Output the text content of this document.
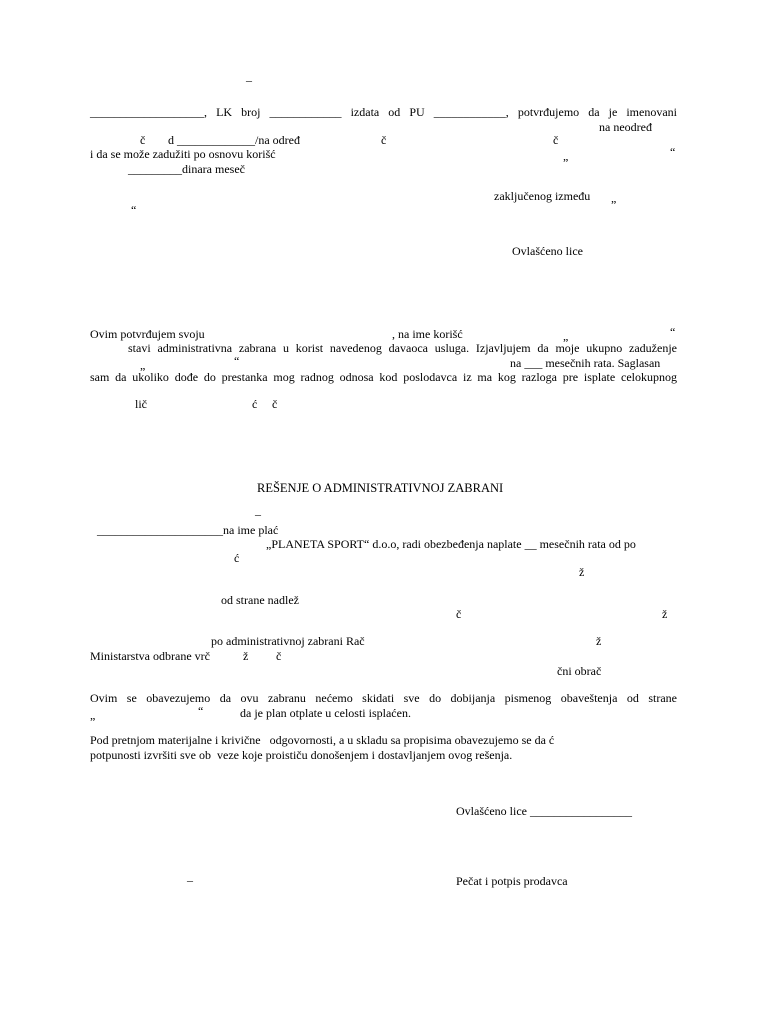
–
___________________, LK broj ____________ izdata od PU ____________, potvrđujemo da je imenovani
na neodređ
č d _____________/na određ	č	č
i da se može zadužiti po osnovu korišć	„	“
_________dinara meseč
zaključenog između „
“
Ovlašćeno lice
Ovim potvrđujem svoju	, na ime korišć	„	“
stavi administrativna zabrana u korist navedenog davaoca usluga. Izjavljujem da moje ukupno zaduženje
„	“	na ___ mesečnih rata. Saglasan
sam da ukoliko dođe do prestanka mog radnog odnosa kod poslodavca iz ma kog razloga pre isplate celokupnog
lič	ć č
REŠENJE O ADMINISTRATIVNOJ ZABRANI
–
_____________________na ime plać
„PLANETA SPORT“ d.o.o, radi obezbeđenja naplate __ mesečnih rata od po
ć
ž
od strane nadlež
č	ž
po administrativnoj zabrani Rač	ž
Ministarstva odbrane vrč	ž č
čni obrač
Ovim se obavezujemo da ovu zabranu nećemo skidati sve do dobijanja pismenog obaveštenja od strane
„	“	da je plan otplate u celosti isplaćen.
Pod pretnjom materijalne i krivične   odgovornosti, a u skladu sa propisima obavezujemo se da ć
potpunosti izvršiti sve ob  veze koje proističu donošenjem i dostavljanjem ovog rešenja.
Ovlašćeno lice _________________
–	Pečat i potpis prodavca
